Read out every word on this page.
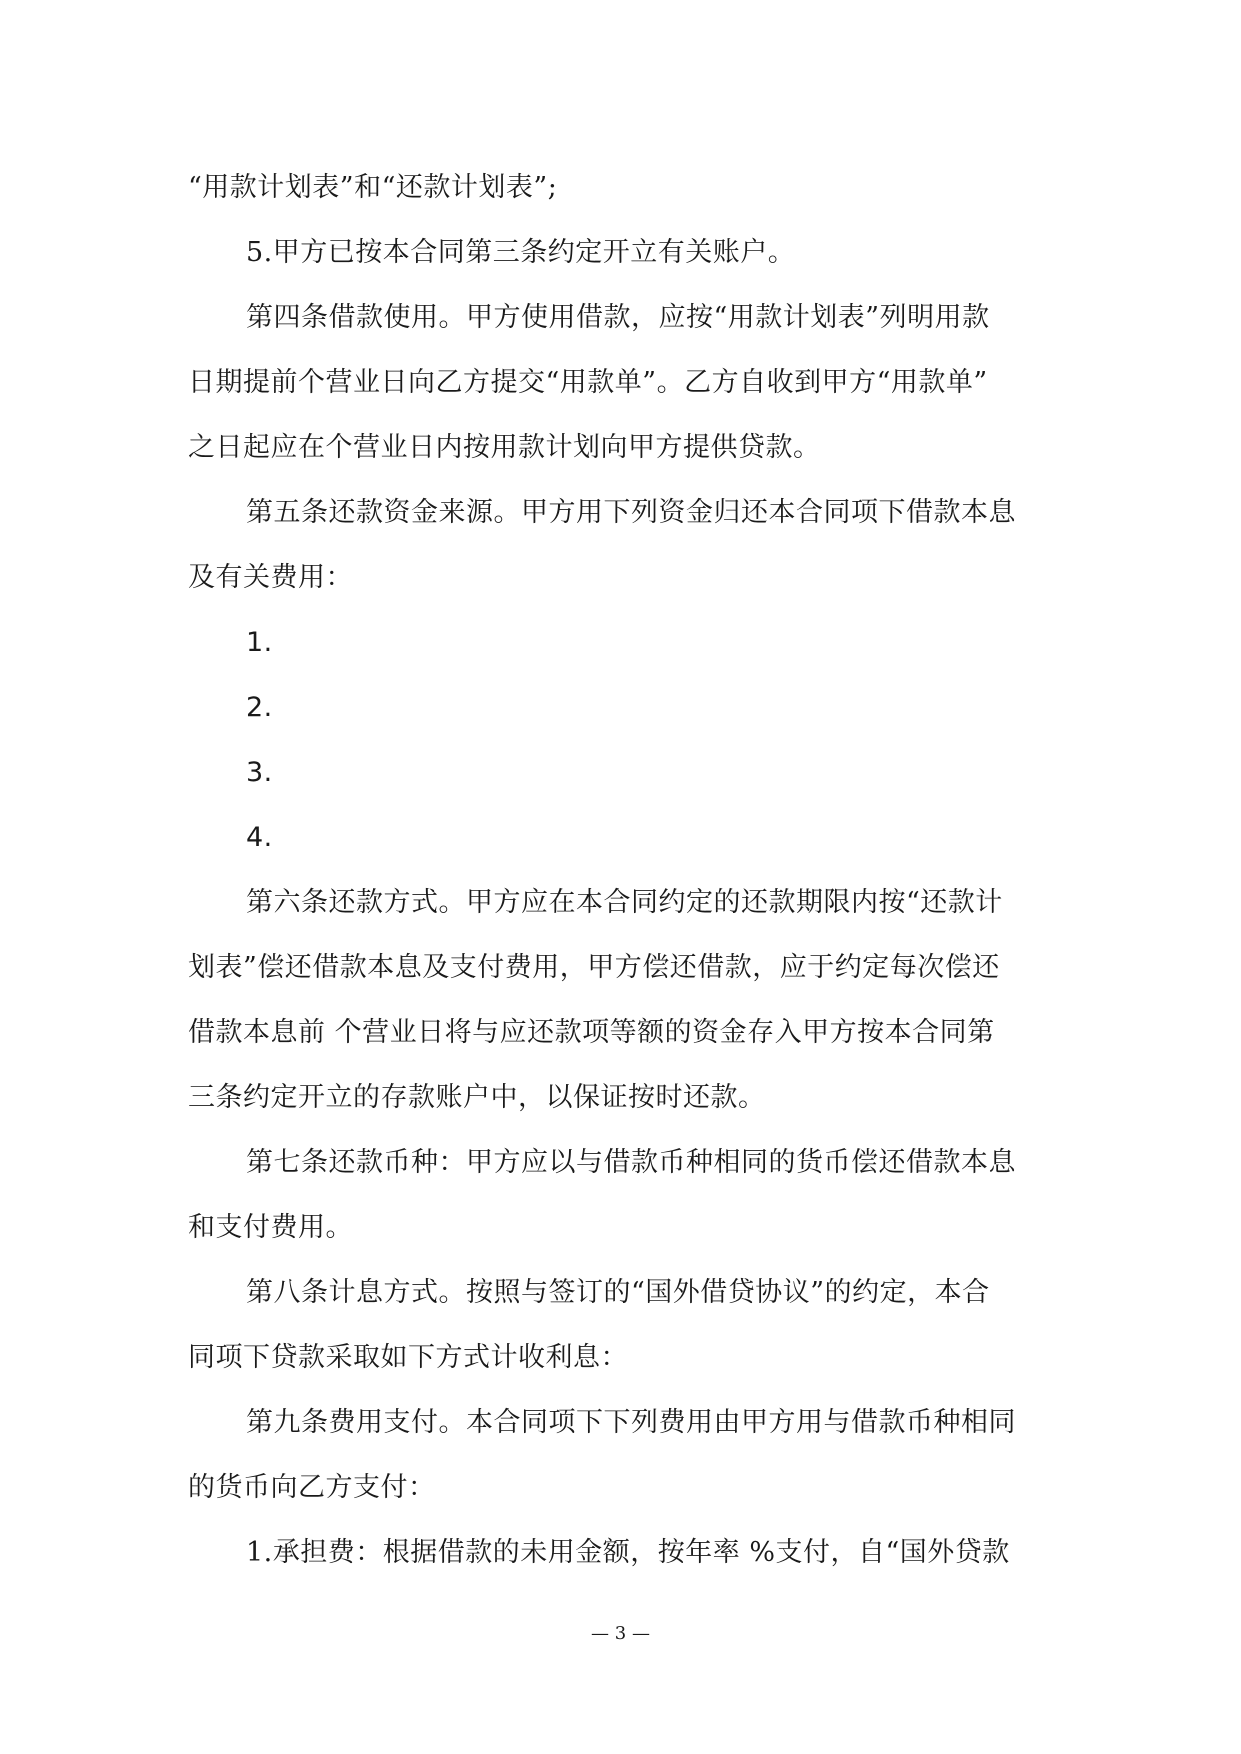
“用款计划表”和“还款计划表”;
5.甲方已按本合同第三条约定开立有关账户。
第四条借款使用。甲方使用借款，应按“用款计划表”列明用款
日期提前个营业日向乙方提交“用款单”。乙方自收到甲方“用款单”
之日起应在个营业日内按用款计划向甲方提供贷款。
第五条还款资金来源。甲方用下列资金归还本合同项下借款本息
及有关费用：
1.
2.
3.
4.
第六条还款方式。甲方应在本合同约定的还款期限内按“还款计
划表”偿还借款本息及支付费用，甲方偿还借款，应于约定每次偿还
借款本息前 个营业日将与应还款项等额的资金存入甲方按本合同第
三条约定开立的存款账户中，以保证按时还款。
第七条还款币种：甲方应以与借款币种相同的货币偿还借款本息
和支付费用。
第八条计息方式。按照与签订的“国外借贷协议”的约定，本合
同项下贷款采取如下方式计收利息：
第九条费用支付。本合同项下下列费用由甲方用与借款币种相同
的货币向乙方支付：
1.承担费：根据借款的未用金额，按年率 %支付，自“国外贷款
— 3 —
